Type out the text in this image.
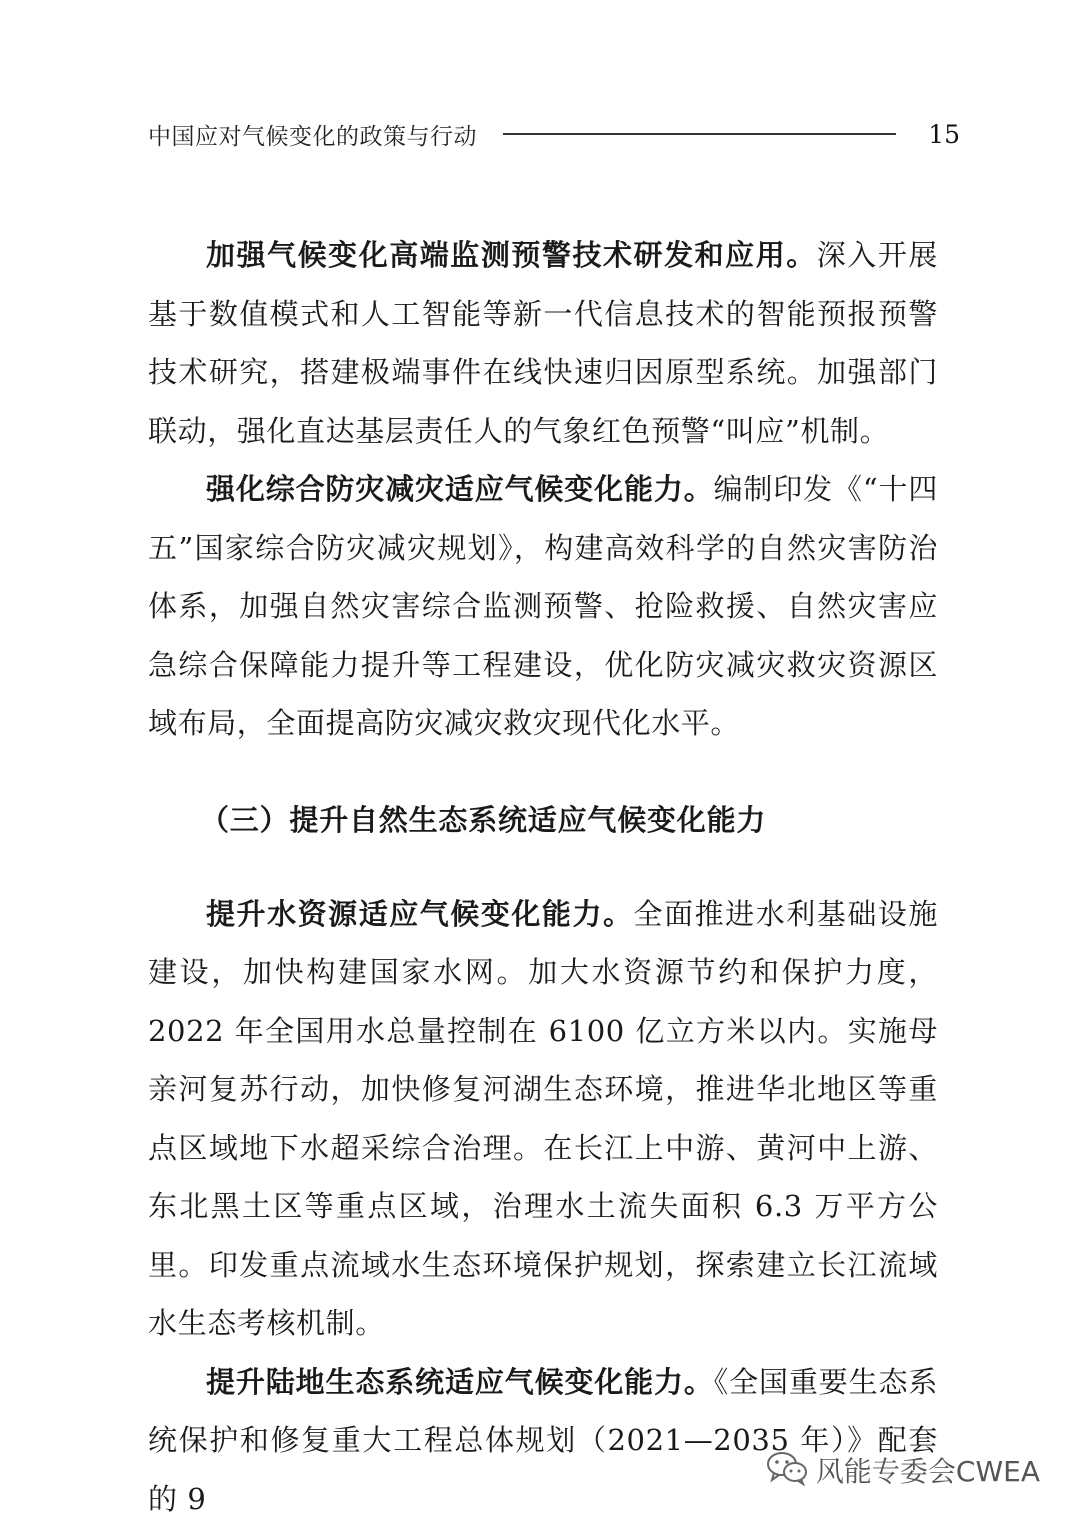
中国应对气候变化的政策与行动	15

加强气候变化高端监测预警技术研发和应用。深入开展基于数值模式和人工智能等新一代信息技术的智能预报预警技术研究，搭建极端事件在线快速归因原型系统。加强部门联动，强化直达基层责任人的气象红色预警“叫应”机制。

强化综合防灾减灾适应气候变化能力。编制印发《“十四五”国家综合防灾减灾规划》，构建高效科学的自然灾害防治体系，加强自然灾害综合监测预警、抢险救援、自然灾害应急综合保障能力提升等工程建设，优化防灾减灾救灾资源区域布局，全面提高防灾减灾救灾现代化水平。

（三）提升自然生态系统适应气候变化能力

提升水资源适应气候变化能力。全面推进水利基础设施建设，加快构建国家水网。加大水资源节约和保护力度，2022 年全国用水总量控制在 6100 亿立方米以内。实施母亲河复苏行动，加快修复河湖生态环境，推进华北地区等重点区域地下水超采综合治理。在长江上中游、黄河中上游、东北黑土区等重点区域，治理水土流失面积 6.3 万平方公里。印发重点流域水生态环境保护规划，探索建立长江流域水生态考核机制。

提升陆地生态系统适应气候变化能力。《全国重要生态系统保护和修复重大工程总体规划（2021—2035 年）》配套的 9

风能专委会CWEA
